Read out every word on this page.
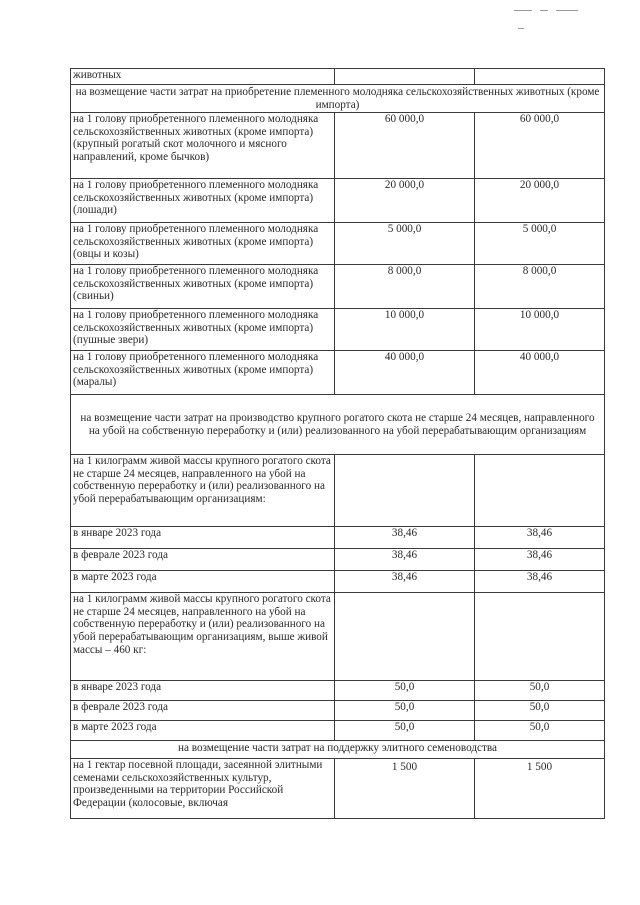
животных		
на возмещение части затрат на приобретение племенного молодняка сельскохозяйственных животных (кроме импорта)		
на 1 голову приобретенного племенного молодняка сельскохозяйственных животных (кроме импорта) (крупный рогатый скот молочного и мясного направлений, кроме бычков)	60 000,0	60 000,0
на 1 голову приобретенного племенного молодняка сельскохозяйственных животных (кроме импорта) (лошади)	20 000,0	20 000,0
на 1 голову приобретенного племенного молодняка сельскохозяйственных животных (кроме импорта) (овцы и козы)	5 000,0	5 000,0
на 1 голову приобретенного племенного молодняка сельскохозяйственных животных (кроме импорта) (свиньи)	8 000,0	8 000,0
на 1 голову приобретенного племенного молодняка сельскохозяйственных животных (кроме импорта) (пушные звери)	10 000,0	10 000,0
на 1 голову приобретенного племенного молодняка сельскохозяйственных животных (кроме импорта) (маралы)	40 000,0	40 000,0
на возмещение части затрат на производство крупного рогатого скота не старше 24 месяцев, направленного на убой на собственную переработку и (или) реализованного на убой перерабатывающим организациям		
на 1 килограмм живой массы крупного рогатого скота не старше 24 месяцев, направленного на убой на собственную переработку и (или) реализованного на убой перерабатывающим организациям:		
в январе 2023 года	38,46	38,46
в феврале 2023 года	38,46	38,46
в марте 2023 года	38,46	38,46
на 1 килограмм живой массы крупного рогатого скота не старше 24 месяцев, направленного на убой на собственную переработку и (или) реализованного на убой перерабатывающим организациям, выше живой массы – 460 кг:		
в январе 2023 года	50,0	50,0
в феврале 2023 года	50,0	50,0
в марте 2023 года	50,0	50,0
на возмещение части затрат на поддержку элитного семеноводства		
на 1 гектар посевной площади, засеянной элитными семенами сельскохозяйственных культур, произведенными на территории Российской Федерации (колосовые, включая	1 500	1 500
